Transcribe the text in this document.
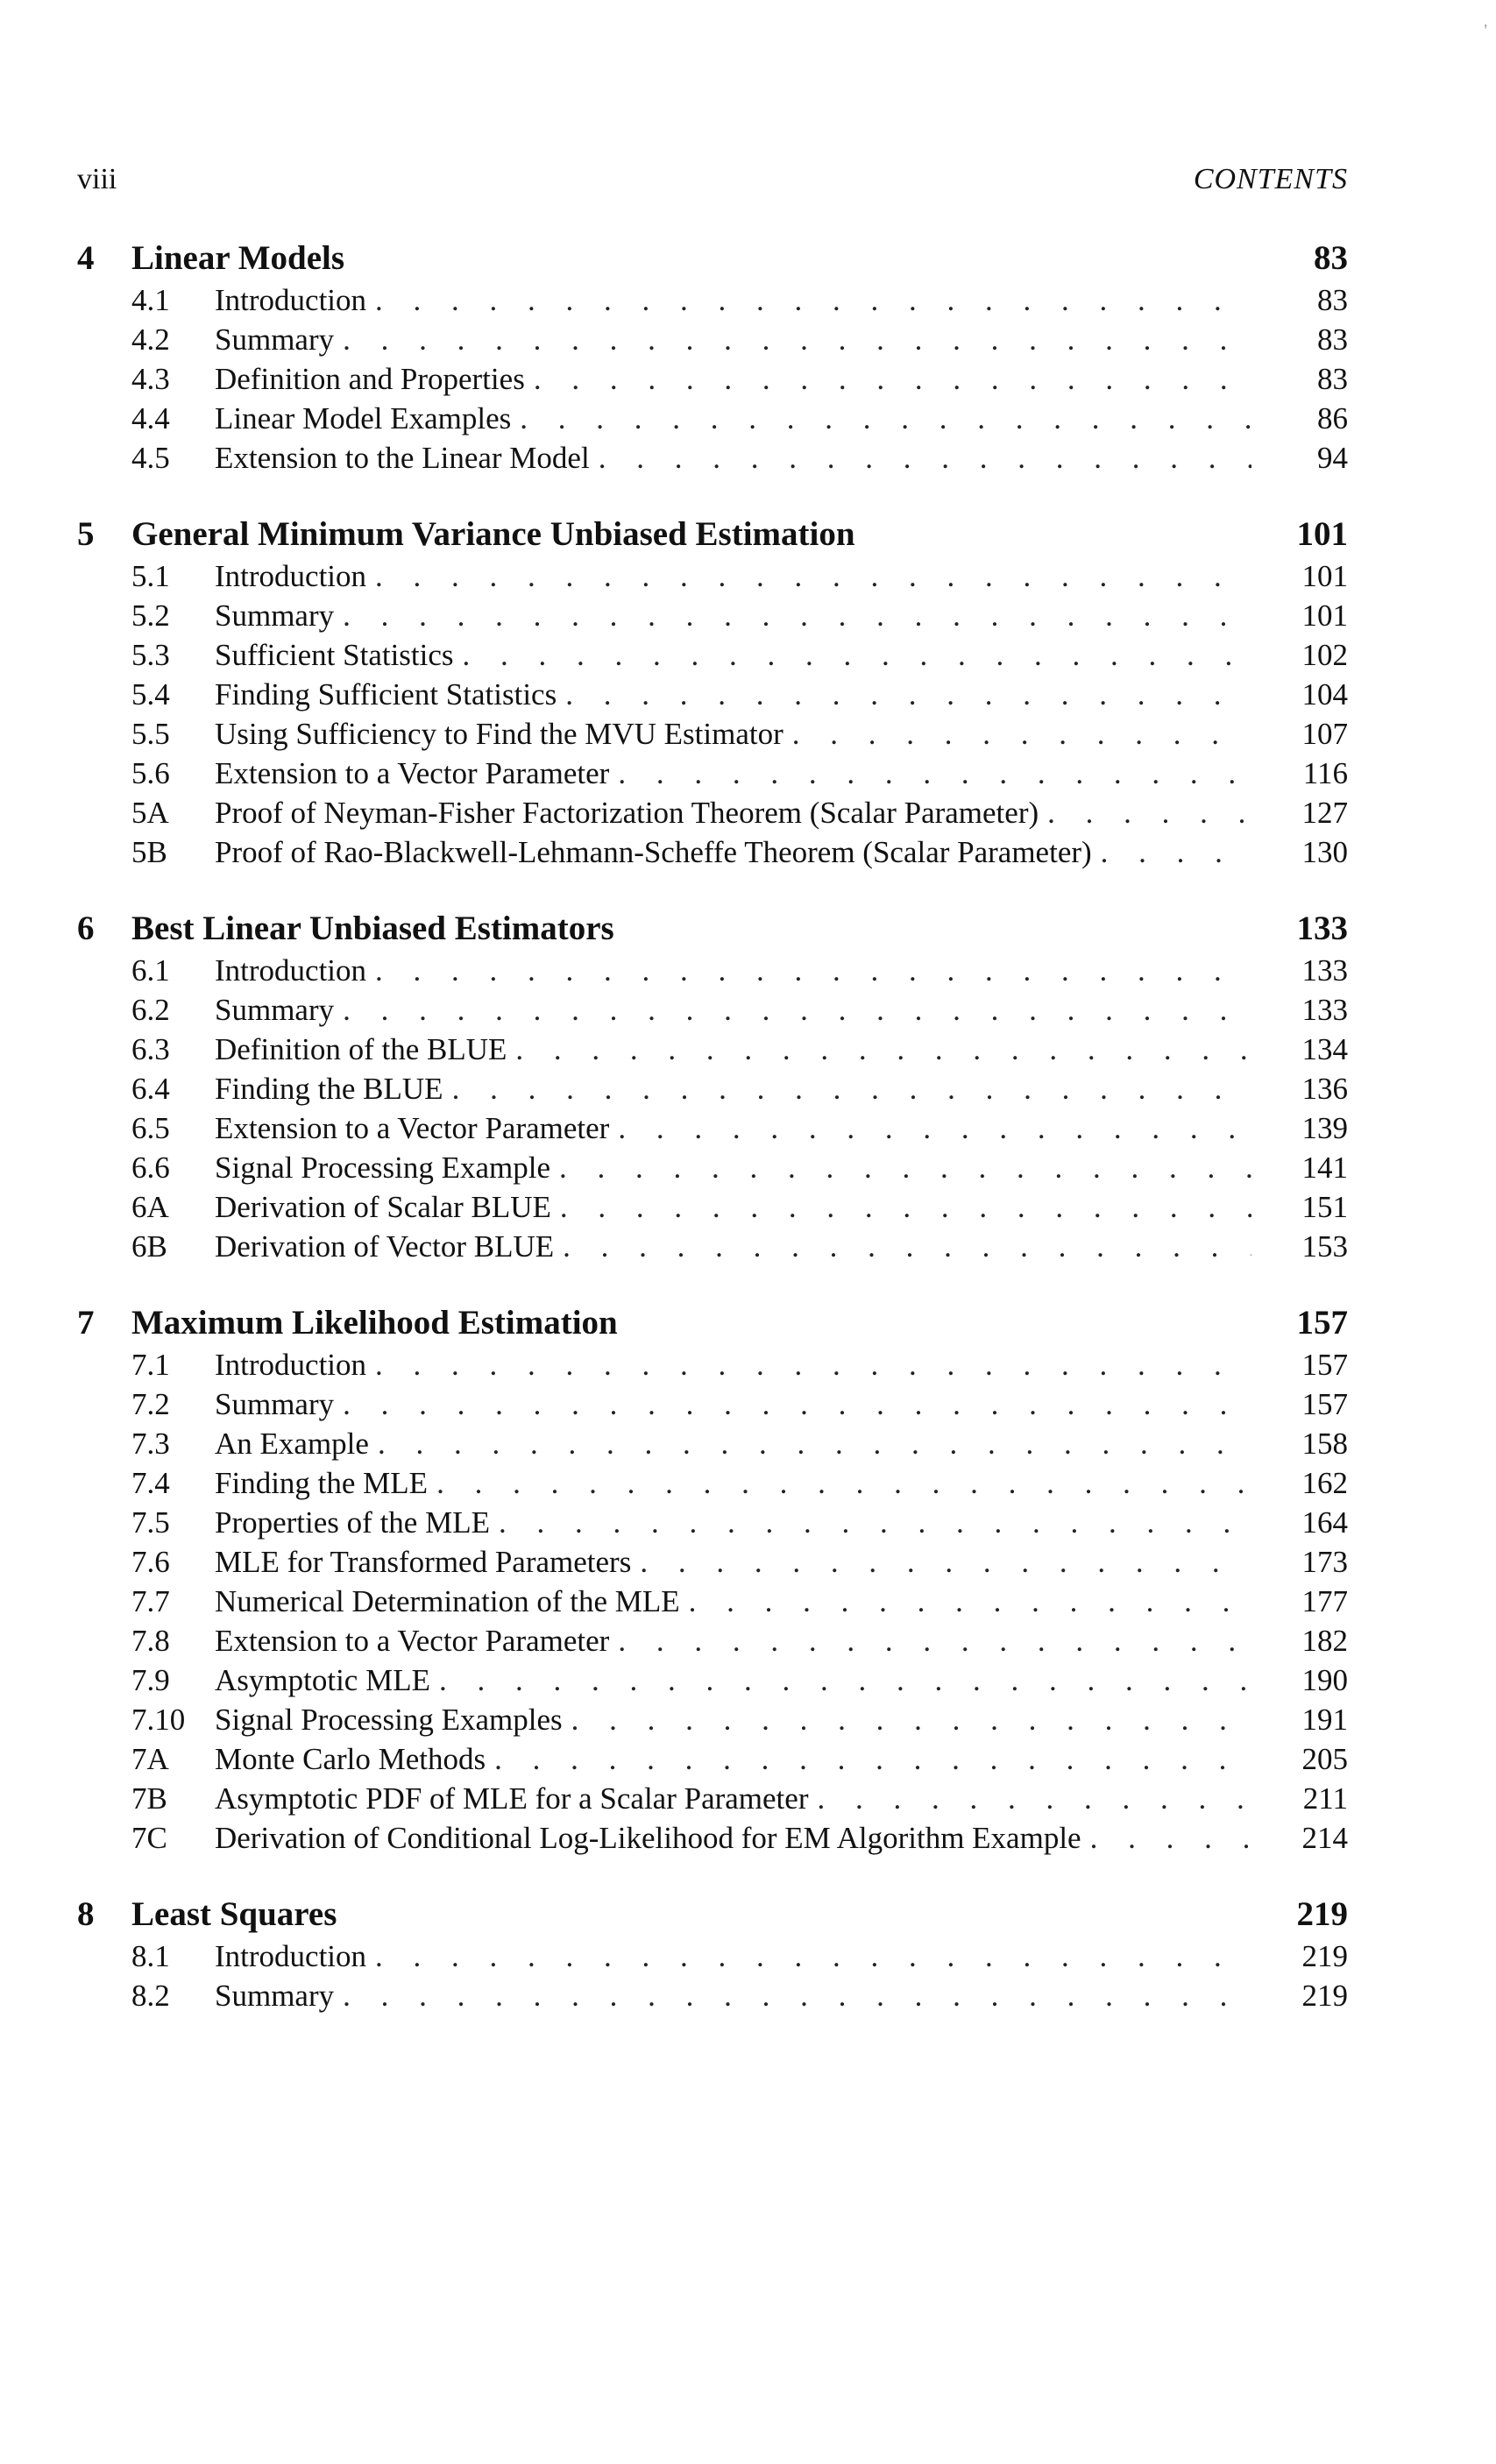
'
viii	CONTENTS
4	Linear Models	83
4.1	Introduction . . .	83
4.2	Summary . . .	83
4.3	Definition and Properties . . .	83
4.4	Linear Model Examples . . .	86
4.5	Extension to the Linear Model . . .	94
5	General Minimum Variance Unbiased Estimation	101
5.1	Introduction . . .	101
5.2	Summary . . .	101
5.3	Sufficient Statistics . . .	102
5.4	Finding Sufficient Statistics . . .	104
5.5	Using Sufficiency to Find the MVU Estimator . . .	107
5.6	Extension to a Vector Parameter . . .	116
5A	Proof of Neyman-Fisher Factorization Theorem (Scalar Parameter) . . .	127
5B	Proof of Rao-Blackwell-Lehmann-Scheffe Theorem (Scalar Parameter) . . .	130
6	Best Linear Unbiased Estimators	133
6.1	Introduction . . .	133
6.2	Summary . . .	133
6.3	Definition of the BLUE . . .	134
6.4	Finding the BLUE . . .	136
6.5	Extension to a Vector Parameter . . .	139
6.6	Signal Processing Example . . .	141
6A	Derivation of Scalar BLUE . . .	151
6B	Derivation of Vector BLUE . . .	153
7	Maximum Likelihood Estimation	157
7.1	Introduction . . .	157
7.2	Summary . . .	157
7.3	An Example . . .	158
7.4	Finding the MLE . . .	162
7.5	Properties of the MLE . . .	164
7.6	MLE for Transformed Parameters . . .	173
7.7	Numerical Determination of the MLE . . .	177
7.8	Extension to a Vector Parameter . . .	182
7.9	Asymptotic MLE . . .	190
7.10 Signal Processing Examples . . .	191
7A	Monte Carlo Methods . . .	205
7B	Asymptotic PDF of MLE for a Scalar Parameter . . .	211
7C	Derivation of Conditional Log-Likelihood for EM Algorithm Example . . .	214
8	Least Squares	219
8.1	Introduction . . .	219
8.2	Summary . . .	219
